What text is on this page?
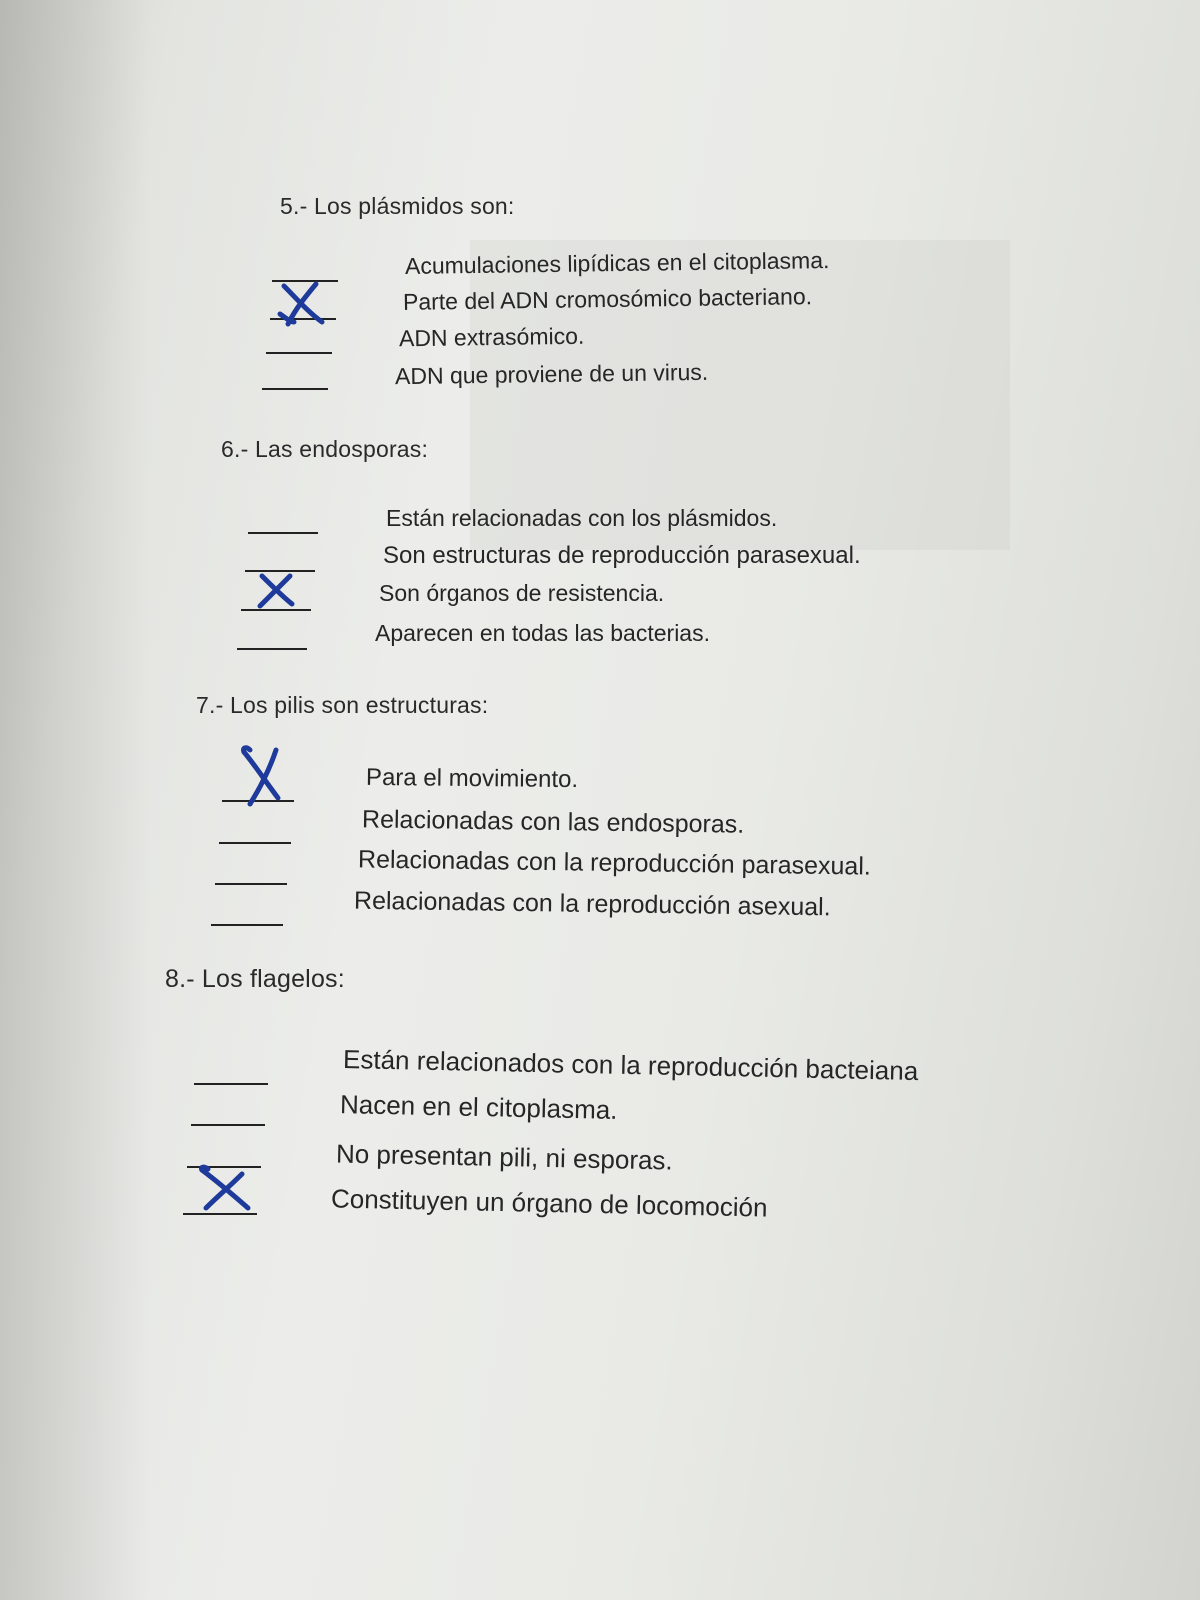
5.- Los plásmidos son:
Acumulaciones lipídicas en el citoplasma.
Parte del ADN cromosómico bacteriano.
ADN extrasómico.
ADN que proviene de un virus.
6.- Las endosporas:
Están relacionadas con los plásmidos.
Son estructuras de reproducción parasexual.
Son órganos de resistencia.
Aparecen en todas las bacterias.
7.- Los pilis son estructuras:
Para el movimiento.
Relacionadas con las endosporas.
Relacionadas con la reproducción parasexual.
Relacionadas con la reproducción asexual.
8.- Los flagelos:
Están relacionados con la reproducción bacteiana
Nacen en el citoplasma.
No presentan pili, ni esporas.
Constituyen un órgano de locomoción
